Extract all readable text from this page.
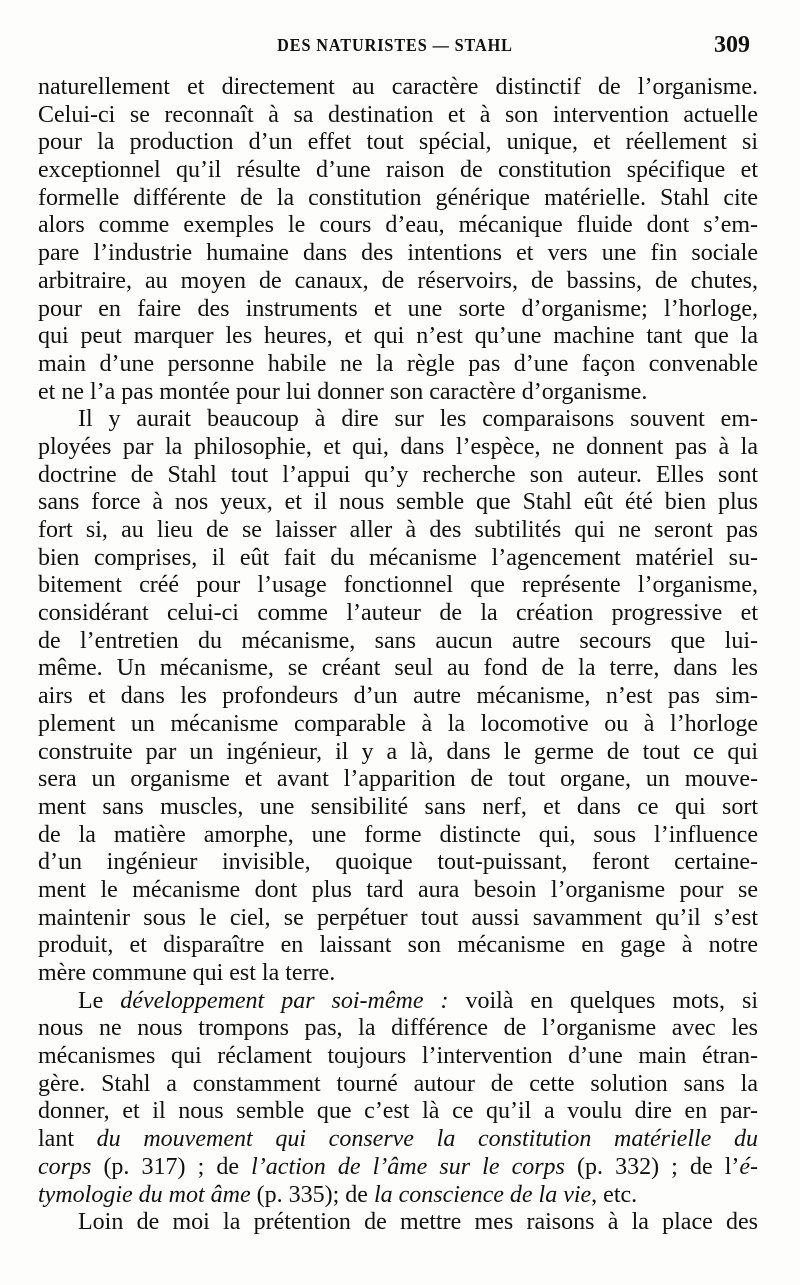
DES NATURISTES — STAHL	309
naturellement et directement au caractère distinctif de l’organisme.
Celui-ci se reconnaît à sa destination et à son intervention actuelle
pour la production d’un effet tout spécial, unique, et réellement si
exceptionnel qu’il résulte d’une raison de constitution spécifique et
formelle différente de la constitution générique matérielle. Stahl cite
alors comme exemples le cours d’eau, mécanique fluide dont s’em-
pare l’industrie humaine dans des intentions et vers une fin sociale
arbitraire, au moyen de canaux, de réservoirs, de bassins, de chutes,
pour en faire des instruments et une sorte d’organisme; l’horloge,
qui peut marquer les heures, et qui n’est qu’une machine tant que la
main d’une personne habile ne la règle pas d’une façon convenable
et ne l’a pas montée pour lui donner son caractère d’organisme.
Il y aurait beaucoup à dire sur les comparaisons souvent em-
ployées par la philosophie, et qui, dans l’espèce, ne donnent pas à la
doctrine de Stahl tout l’appui qu’y recherche son auteur. Elles sont
sans force à nos yeux, et il nous semble que Stahl eût été bien plus
fort si, au lieu de se laisser aller à des subtilités qui ne seront pas
bien comprises, il eût fait du mécanisme l’agencement matériel su-
bitement créé pour l’usage fonctionnel que représente l’organisme,
considérant celui-ci comme l’auteur de la création progressive et
de l’entretien du mécanisme, sans aucun autre secours que lui-
même. Un mécanisme, se créant seul au fond de la terre, dans les
airs et dans les profondeurs d’un autre mécanisme, n’est pas sim-
plement un mécanisme comparable à la locomotive ou à l’horloge
construite par un ingénieur, il y a là, dans le germe de tout ce qui
sera un organisme et avant l’apparition de tout organe, un mouve-
ment sans muscles, une sensibilité sans nerf, et dans ce qui sort
de la matière amorphe, une forme distincte qui, sous l’influence
d’un ingénieur invisible, quoique tout-puissant, feront certaine-
ment le mécanisme dont plus tard aura besoin l’organisme pour se
maintenir sous le ciel, se perpétuer tout aussi savamment qu’il s’est
produit, et disparaître en laissant son mécanisme en gage à notre
mère commune qui est la terre.
Le développement par soi-même : voilà en quelques mots, si
nous ne nous trompons pas, la différence de l’organisme avec les
mécanismes qui réclament toujours l’intervention d’une main étran-
gère. Stahl a constamment tourné autour de cette solution sans la
donner, et il nous semble que c’est là ce qu’il a voulu dire en par-
lant du mouvement qui conserve la constitution matérielle du
corps (p. 317) ; de l’action de l’âme sur le corps (p. 332) ; de l’é-
tymologie du mot âme (p. 335); de la conscience de la vie, etc.
Loin de moi la prétention de mettre mes raisons à la place des
